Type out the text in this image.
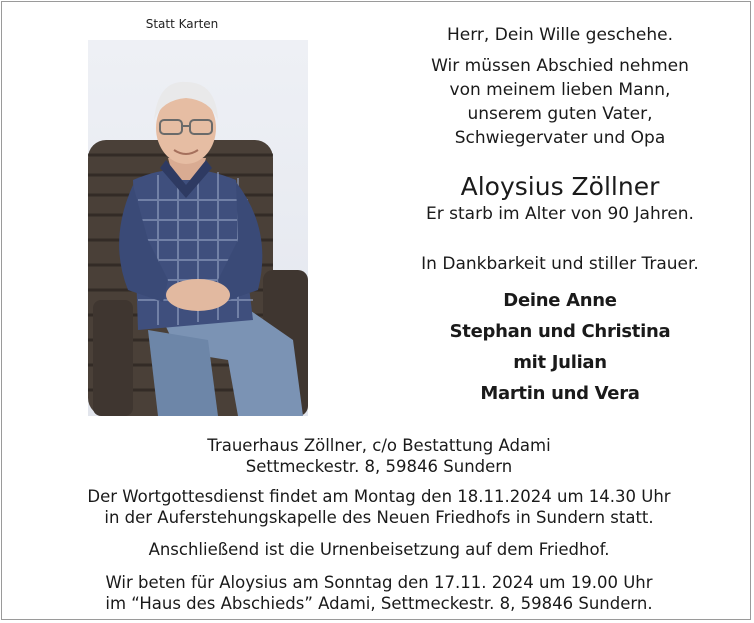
Statt Karten
Herr, Dein Wille geschehe.
Wir müssen Abschied nehmen
von meinem lieben Mann,
unserem guten Vater,
Schwiegervater und Opa
Aloysius Zöllner
Er starb im Alter von 90 Jahren.
In Dankbarkeit und stiller Trauer.
Deine Anne
Stephan und Christina
mit Julian
Martin und Vera
Trauerhaus Zöllner, c/o Bestattung Adami
Settmeckestr. 8, 59846 Sundern
Der Wortgottesdienst findet am Montag den 18.11.2024 um 14.30 Uhr
in der Auferstehungskapelle des Neuen Friedhofs in Sundern statt.
Anschließend ist die Urnenbeisetzung auf dem Friedhof.
Wir beten für Aloysius am Sonntag den 17.11. 2024 um 19.00 Uhr
im “Haus des Abschieds” Adami, Settmeckestr. 8, 59846 Sundern.
